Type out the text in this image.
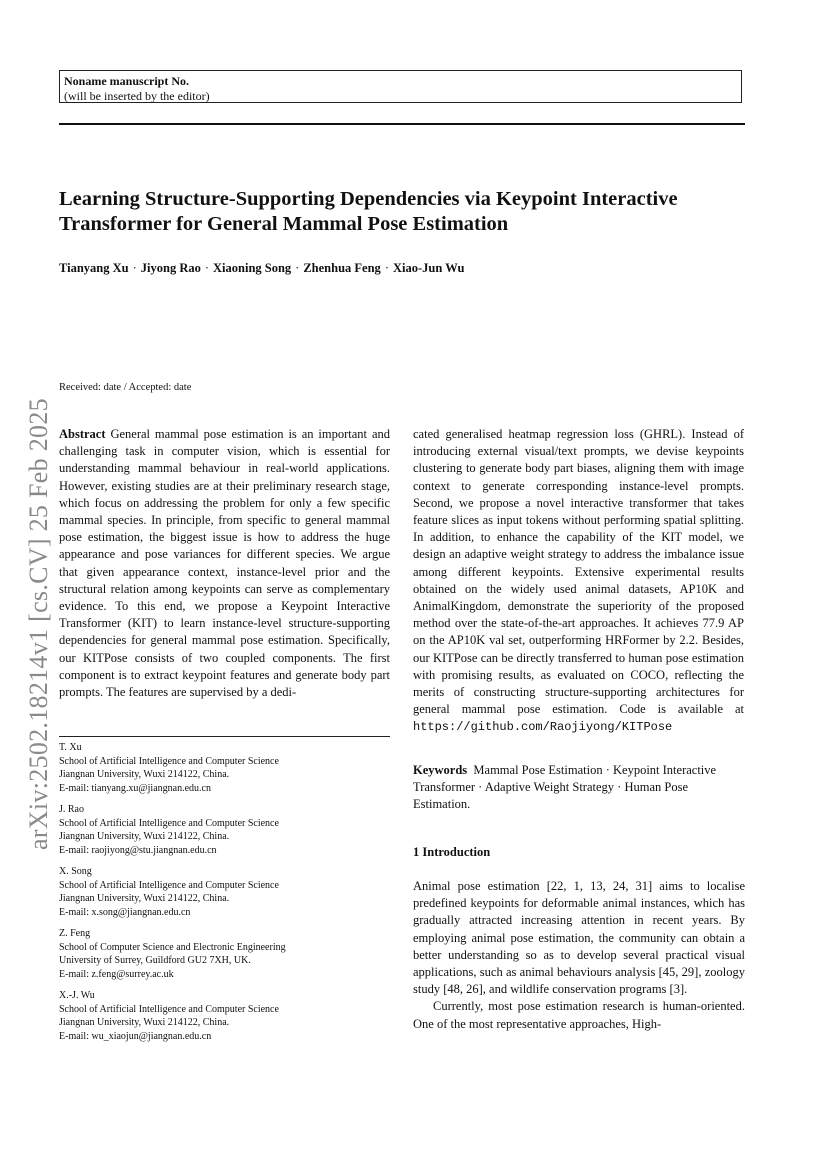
Noname manuscript No.
(will be inserted by the editor)
Learning Structure-Supporting Dependencies via Keypoint Interactive Transformer for General Mammal Pose Estimation
Tianyang Xu · Jiyong Rao · Xiaoning Song · Zhenhua Feng · Xiao-Jun Wu
arXiv:2502.18214v1 [cs.CV] 25 Feb 2025
Received: date / Accepted: date

Abstract General mammal pose estimation is an important and challenging task in computer vision, which is essential for understanding mammal behaviour in real-world applications. However, existing studies are at their preliminary research stage, which focus on addressing the problem for only a few specific mammal species. In principle, from specific to general mammal pose estimation, the biggest issue is how to address the huge appearance and pose variances for different species. We argue that given appearance context, instance-level prior and the structural relation among keypoints can serve as complementary evidence. To this end, we propose a Keypoint Interactive Transformer (KIT) to learn instance-level structure-supporting dependencies for general mammal pose estimation. Specifically, our KITPose consists of two coupled components. The first component is to extract keypoint features and generate body part prompts. The features are supervised by a dedi-

T. Xu
School of Artificial Intelligence and Computer Science
Jiangnan University, Wuxi 214122, China.
E-mail: tianyang.xu@jiangnan.edu.cn
J. Rao
School of Artificial Intelligence and Computer Science
Jiangnan University, Wuxi 214122, China.
E-mail: raojiyong@stu.jiangnan.edu.cn
X. Song
School of Artificial Intelligence and Computer Science
Jiangnan University, Wuxi 214122, China.
E-mail: x.song@jiangnan.edu.cn
Z. Feng
School of Computer Science and Electronic Engineering
University of Surrey, Guildford GU2 7XH, UK.
E-mail: z.feng@surrey.ac.uk
X.-J. Wu
School of Artificial Intelligence and Computer Science
Jiangnan University, Wuxi 214122, China.
E-mail: wu_xiaojun@jiangnan.edu.cn

cated generalised heatmap regression loss (GHRL). Instead of introducing external visual/text prompts, we devise keypoints clustering to generate body part biases, aligning them with image context to generate corresponding instance-level prompts. Second, we propose a novel interactive transformer that takes feature slices as input tokens without performing spatial splitting. In addition, to enhance the capability of the KIT model, we design an adaptive weight strategy to address the imbalance issue among different keypoints. Extensive experimental results obtained on the widely used animal datasets, AP10K and AnimalKingdom, demonstrate the superiority of the proposed method over the state-of-the-art approaches. It achieves 77.9 AP on the AP10K val set, outperforming HRFormer by 2.2. Besides, our KITPose can be directly transferred to human pose estimation with promising results, as evaluated on COCO, reflecting the merits of constructing structure-supporting architectures for general mammal pose estimation. Code is available at https://github.com/Raojiyong/KITPose

Keywords Mammal Pose Estimation · Keypoint Interactive Transformer · Adaptive Weight Strategy · Human Pose Estimation.
1 Introduction

Animal pose estimation [22, 1, 13, 24, 31] aims to localise predefined keypoints for deformable animal instances, which has gradually attracted increasing attention in recent years. By employing animal pose estimation, the community can obtain a better understanding so as to develop several practical visual applications, such as animal behaviours analysis [45, 29], zoology study [48, 26], and wildlife conservation programs [3].

Currently, most pose estimation research is human-oriented. One of the most representative approaches, High-
